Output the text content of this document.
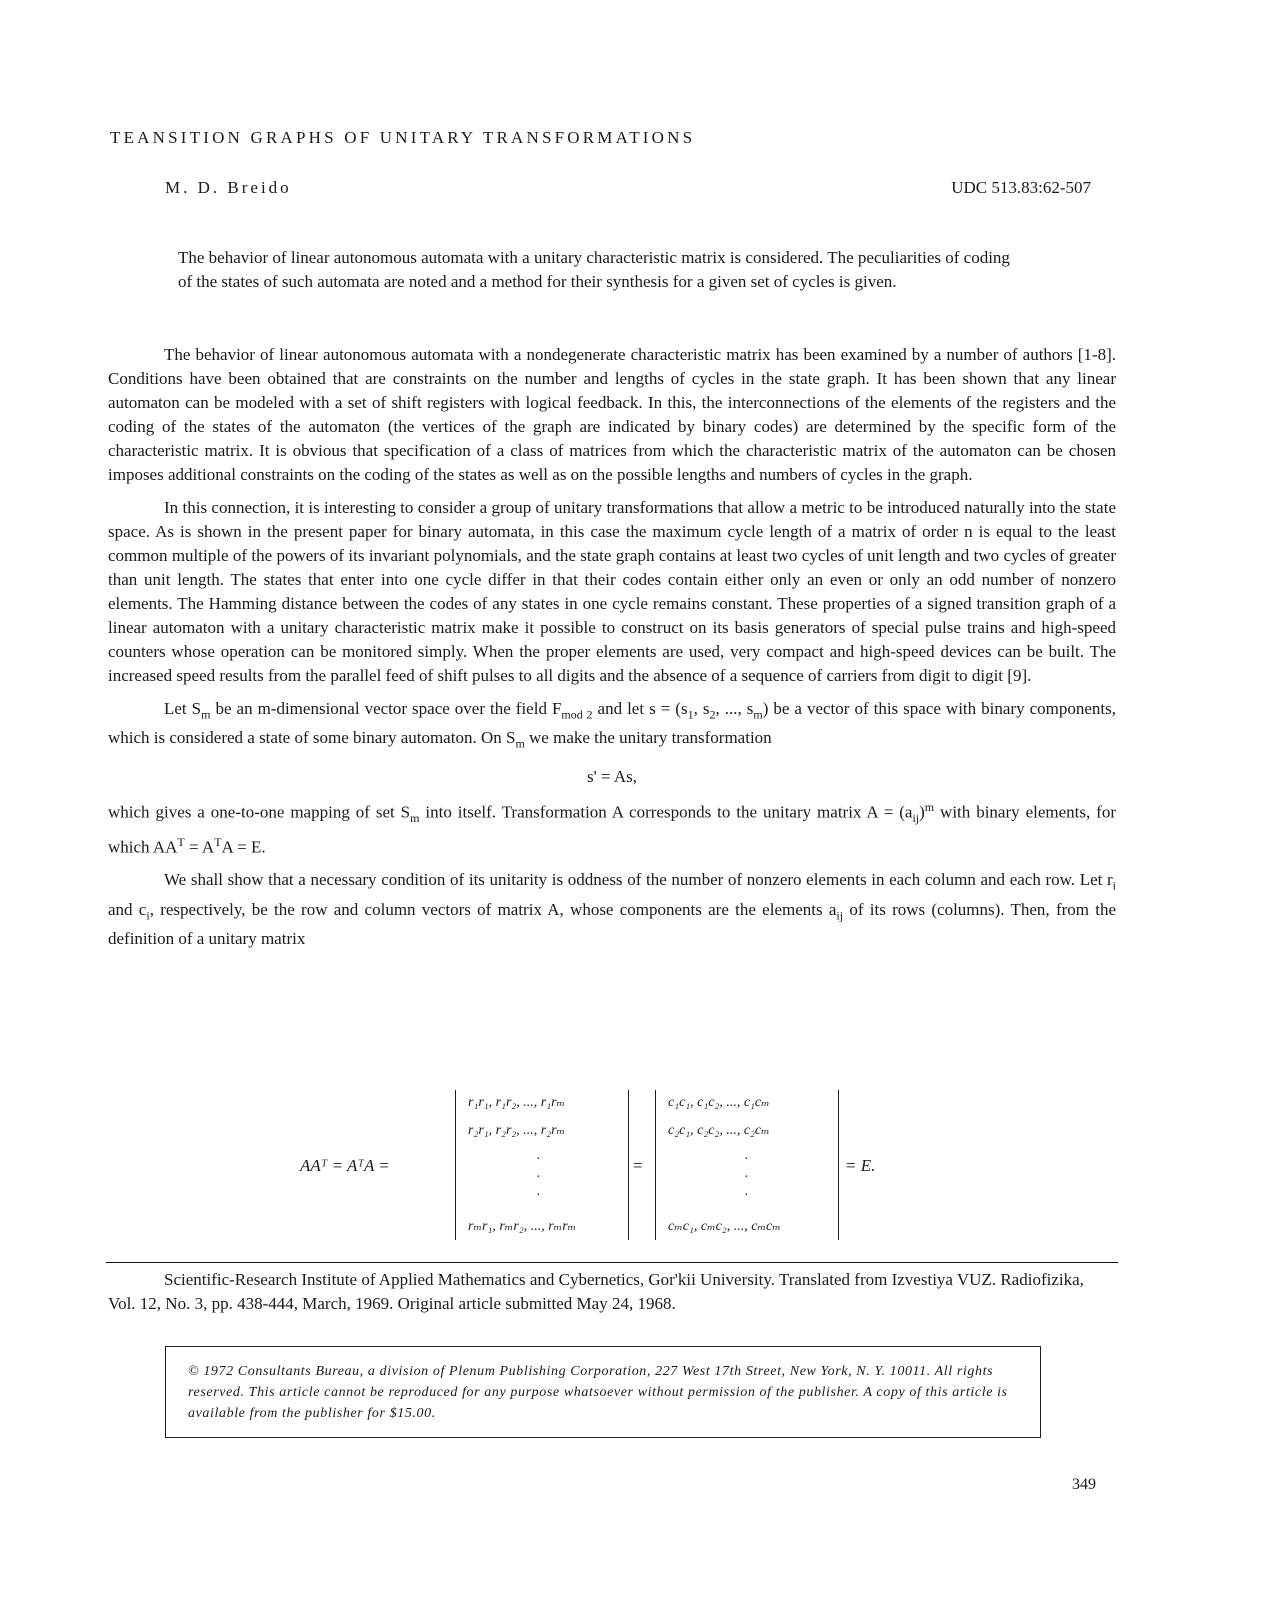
TEANSITION GRAPHS OF UNITARY TRANSFORMATIONS
M. D. Breido	UDC 513.83:62-507
The behavior of linear autonomous automata with a unitary characteristic matrix is considered. The peculiarities of coding of the states of such automata are noted and a method for their synthesis for a given set of cycles is given.

The behavior of linear autonomous automata with a nondegenerate characteristic matrix has been examined by a number of authors [1-8]. Conditions have been obtained that are constraints on the number and lengths of cycles in the state graph. It has been shown that any linear automaton can be modeled with a set of shift registers with logical feedback. In this, the interconnections of the elements of the registers and the coding of the states of the automaton (the vertices of the graph are indicated by binary codes) are determined by the specific form of the characteristic matrix. It is obvious that specification of a class of matrices from which the characteristic matrix of the automaton can be chosen imposes additional constraints on the coding of the states as well as on the possible lengths and numbers of cycles in the graph.

In this connection, it is interesting to consider a group of unitary transformations that allow a metric to be introduced naturally into the state space. As is shown in the present paper for binary automata, in this case the maximum cycle length of a matrix of order n is equal to the least common multiple of the powers of its invariant polynomials, and the state graph contains at least two cycles of unit length and two cycles of greater than unit length. The states that enter into one cycle differ in that their codes contain either only an even or only an odd number of nonzero elements. The Hamming distance between the codes of any states in one cycle remains constant. These properties of a signed transition graph of a linear automaton with a unitary characteristic matrix make it possible to construct on its basis generators of special pulse trains and high-speed counters whose operation can be monitored simply. When the proper elements are used, very compact and high-speed devices can be built. The increased speed results from the parallel feed of shift pulses to all digits and the absence of a sequence of carriers from digit to digit [9].

Let $S_m$ be an m-dimensional vector space over the field $F_{mod 2}$ and let $s = (s_1$, $s_2$, ..., $s_m$) be a vector of this space with binary components, which is considered a state of some binary automaton. On $S_m$ we make the unitary transformation

s' = As,

which gives a one-to-one mapping of set $S_m$ into itself. Transformation A corresponds to the unitary matrix $A = (a_{ij})^m$ with binary elements, for which $AA^T = A^TA = E$.

We shall show that a necessary condition of its unitarity is oddness of the number of nonzero elements in each column and each row. Let $r_i$ and $c_i$, respectively, be the row and column vectors of matrix A, whose components are the elements $a_{ij}$ of its rows (columns). Then, from the definition of a unitary matrix

AAᵀ = AᵀA =
r₁r₁, r₁r₂, ..., r₁rₘ
r₂r₁, r₂r₂, ..., r₂rₘ
·
·
·
rₘr₁, rₘr₂, ..., rₘrₘ
=
c₁c₁, c₁c₂, ..., c₁cₘ
c₂c₁, c₂c₂, ..., c₂cₘ
·
·
·
cₘc₁, cₘc₂, ..., cₘcₘ
= E.
Scientific-Research Institute of Applied Mathematics and Cybernetics, Gor'kii University. Translated from Izvestiya VUZ. Radiofizika, Vol. 12, No. 3, pp. 438-444, March, 1969. Original article submitted May 24, 1968.
© 1972 Consultants Bureau, a division of Plenum Publishing Corporation, 227 West 17th Street, New York, N. Y. 10011. All rights reserved. This article cannot be reproduced for any purpose whatsoever without permission of the publisher. A copy of this article is available from the publisher for $15.00.
349
